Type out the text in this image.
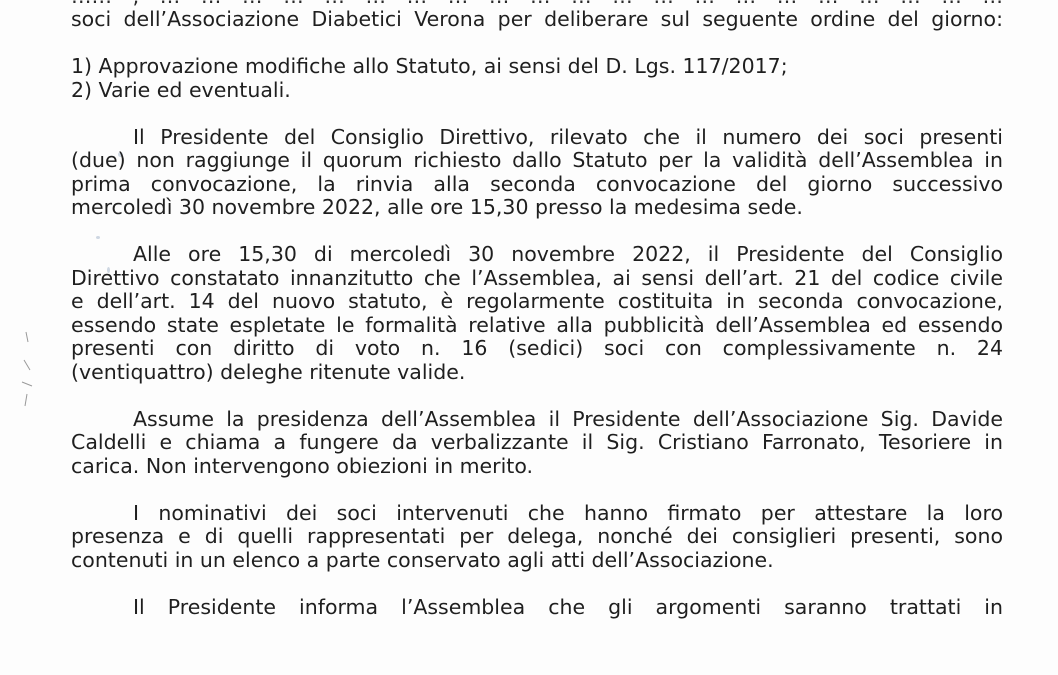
soci dell’Associazione Diabetici Verona per deliberare sul seguente ordine del giorno:
1) Approvazione modifiche allo Statuto, ai sensi del D. Lgs. 117/2017;
2) Varie ed eventuali.
Il Presidente del Consiglio Direttivo, rilevato che il numero dei soci presenti
(due) non raggiunge il quorum richiesto dallo Statuto per la validità dell’Assemblea in
prima convocazione, la rinvia alla seconda convocazione del giorno successivo
mercoledì 30 novembre 2022, alle ore 15,30 presso la medesima sede.
Alle ore 15,30 di mercoledì 30 novembre 2022, il Presidente del Consiglio
Direttivo constatato innanzitutto che l’Assemblea, ai sensi dell’art. 21 del codice civile
e dell’art. 14 del nuovo statuto, è regolarmente costituita in seconda convocazione,
essendo state espletate le formalità relative alla pubblicità dell’Assemblea ed essendo
presenti con diritto di voto n. 16 (sedici) soci con complessivamente n. 24
(ventiquattro) deleghe ritenute valide.
Assume la presidenza dell’Assemblea il Presidente dell’Associazione Sig. Davide
Caldelli e chiama a fungere da verbalizzante il Sig. Cristiano Farronato, Tesoriere in
carica. Non intervengono obiezioni in merito.
I nominativi dei soci intervenuti che hanno firmato per attestare la loro
presenza e di quelli rappresentati per delega, nonché dei consiglieri presenti, sono
contenuti in un elenco a parte conservato agli atti dell’Associazione.
Il Presidente informa l’Assemblea che gli argomenti saranno trattati in
